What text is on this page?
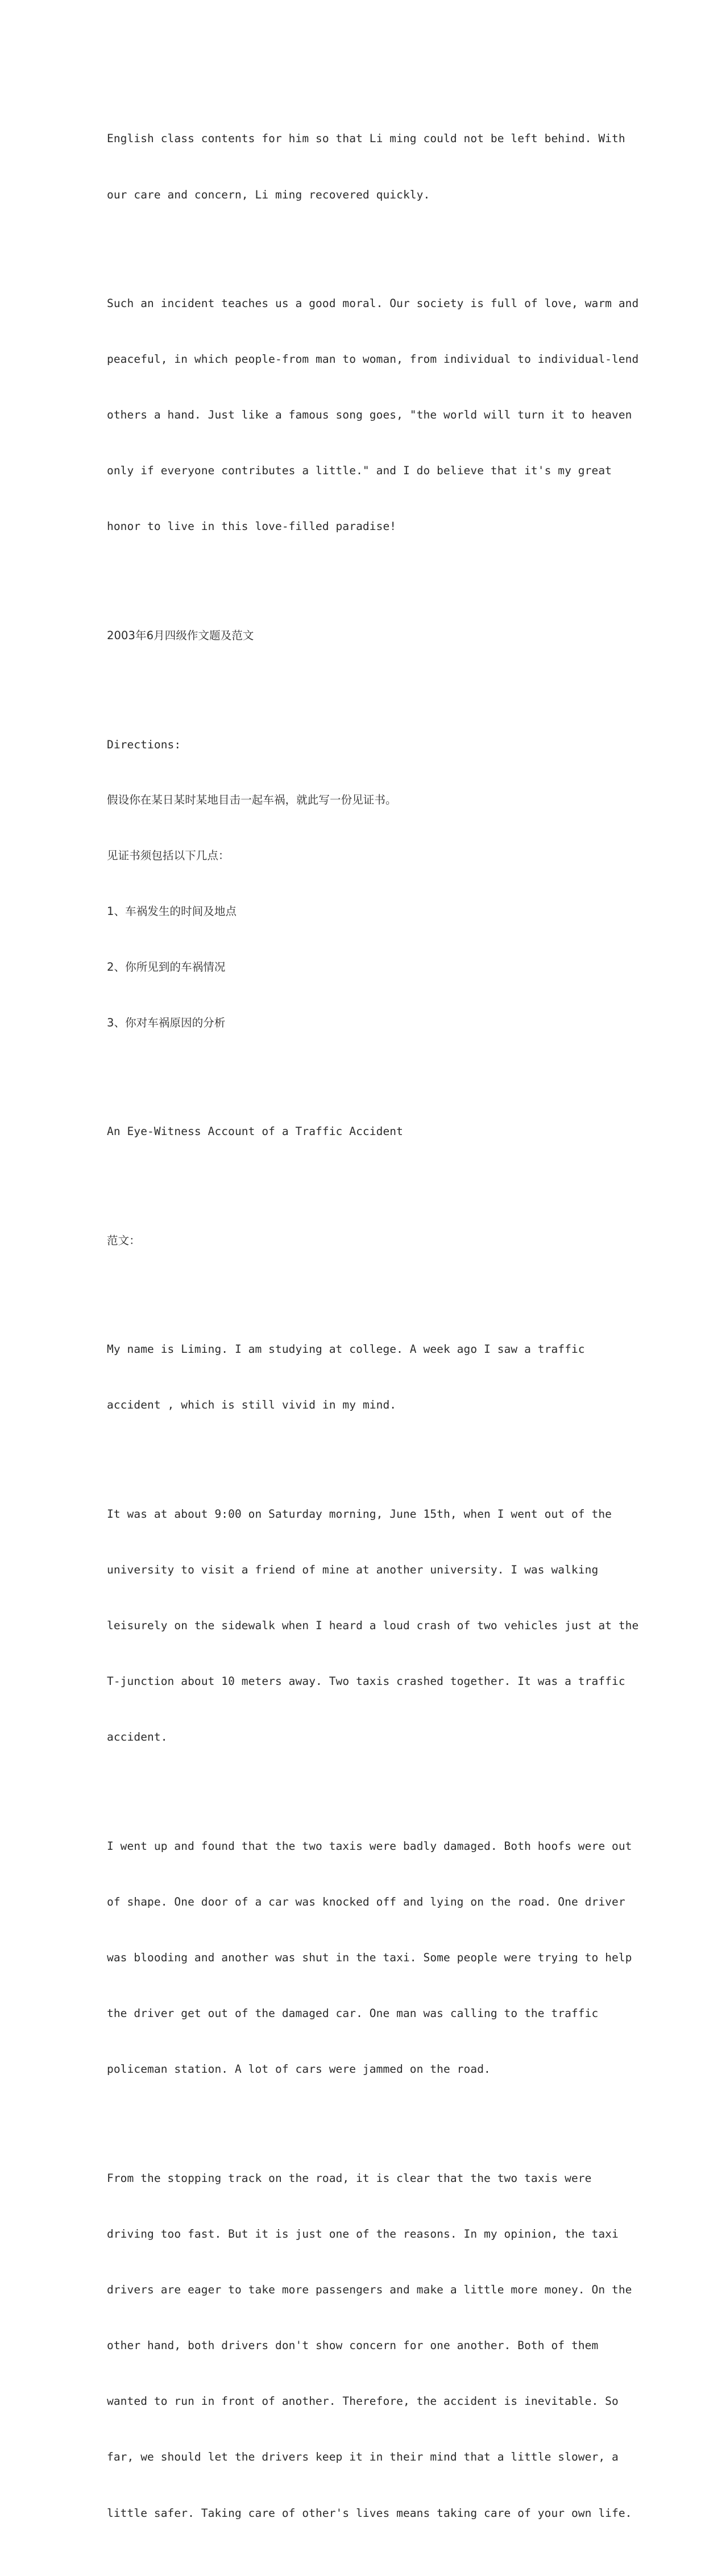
English class contents for him so that Li ming could not be left behind. With

our care and concern, Li ming recovered quickly.

Such an incident teaches us a good moral. Our society is full of love, warm and

peaceful, in which people-from man to woman, from individual to individual-lend

others a hand. Just like a famous song goes, "the world will turn it to heaven

only if everyone contributes a little." and I do believe that it's my great

honor to live in this love-filled paradise!

2003年6月四级作文题及范文

Directions:

假设你在某日某时某地目击一起车祸，就此写一份见证书。

见证书须包括以下几点：

1、车祸发生的时间及地点

2、你所见到的车祸情况

3、你对车祸原因的分析

An Eye-Witness Account of a Traffic Accident

范文：

My name is Liming. I am studying at college. A week ago I saw a traffic

accident , which is still vivid in my mind.

It was at about 9:00 on Saturday morning, June 15th, when I went out of the

university to visit a friend of mine at another university. I was walking

leisurely on the sidewalk when I heard a loud crash of two vehicles just at the

T-junction about 10 meters away. Two taxis crashed together. It was a traffic

accident.

I went up and found that the two taxis were badly damaged. Both hoofs were out

of shape. One door of a car was knocked off and lying on the road. One driver

was blooding and another was shut in the taxi. Some people were trying to help

the driver get out of the damaged car. One man was calling to the traffic

policeman station. A lot of cars were jammed on the road.

From the stopping track on the road, it is clear that the two taxis were

driving too fast. But it is just one of the reasons. In my opinion, the taxi

drivers are eager to take more passengers and make a little more money. On the

other hand, both drivers don't show concern for one another. Both of them

wanted to run in front of another. Therefore, the accident is inevitable. So

far, we should let the drivers keep it in their mind that a little slower, a

little safer. Taking care of other's lives means taking care of your own life.
